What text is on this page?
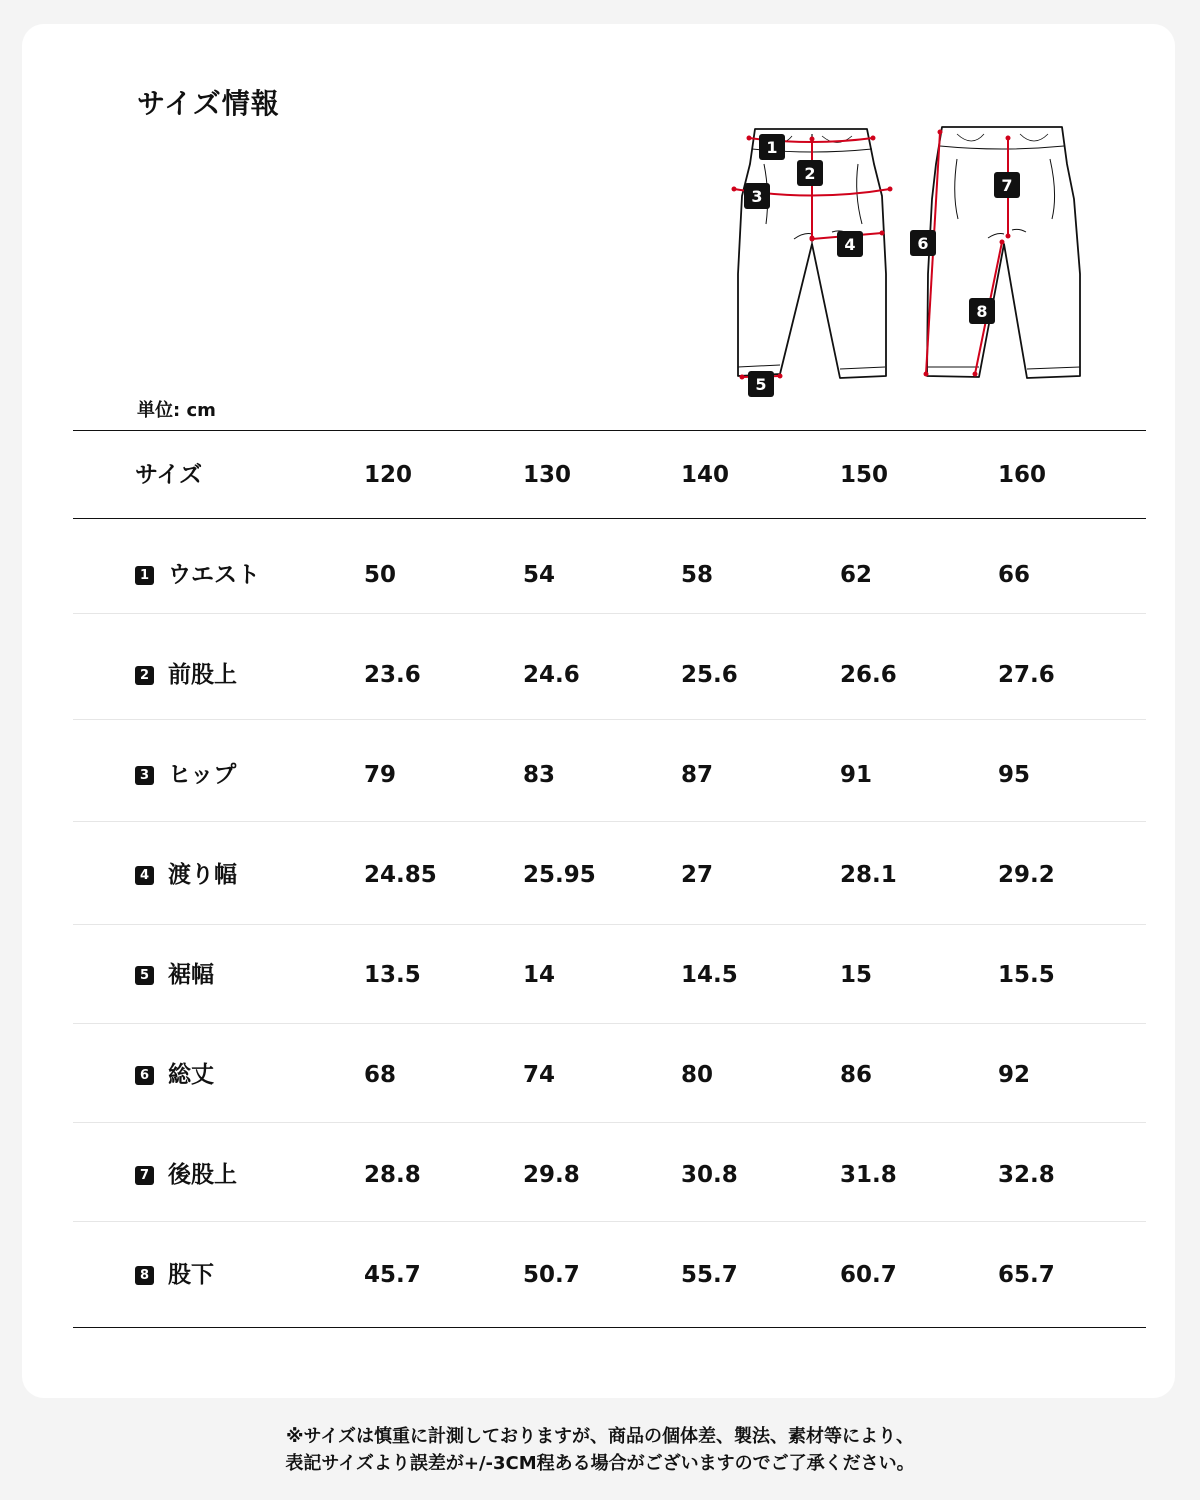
サイズ情報
1
2
3
4
5
6
7
8
単位: cm
サイズ	120	130	140	150	160
1 ウエスト	50	54	58	62	66
2 前股上	23.6	24.6	25.6	26.6	27.6
3 ヒップ	79	83	87	91	95
4 渡り幅	24.85	25.95	27	28.1	29.2
5 裾幅	13.5	14	14.5	15	15.5
6 総丈	68	74	80	86	92
7 後股上	28.8	29.8	30.8	31.8	32.8
8 股下	45.7	50.7	55.7	60.7	65.7
※サイズは慎重に計測しておりますが、商品の個体差、製法、素材等により、
表記サイズより誤差が+/-3CM程ある場合がございますのでご了承ください。
